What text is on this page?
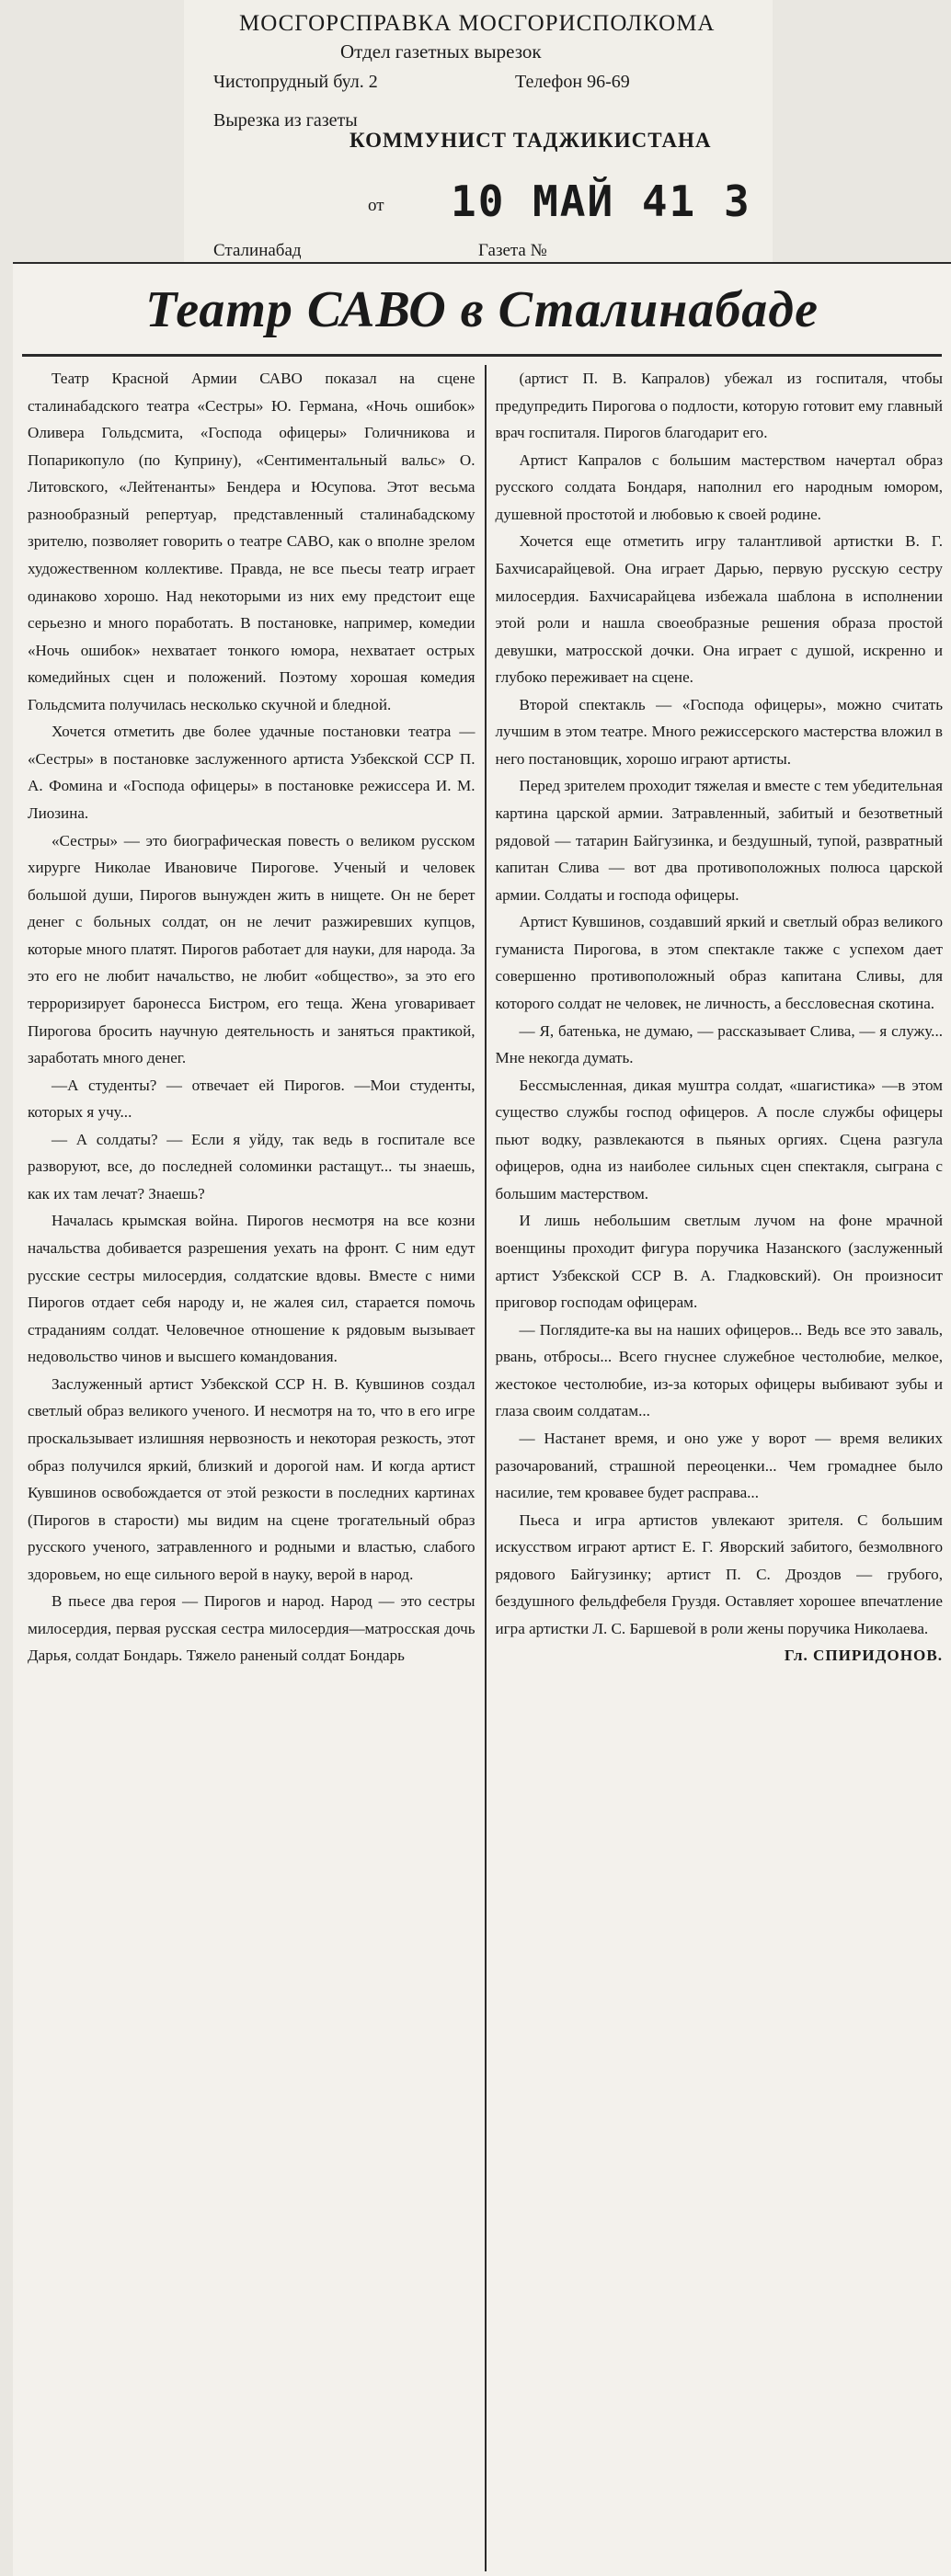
МОСГОРСПРАВКА МОСГОРИСПОЛКОМА
Отдел газетных вырезок
Чистопрудный бул. 2	Телефон 96-69
Вырезка из газеты
КОММУНИСТ ТАДЖИКИСТАНА
от 10 МАЙ 41 3
Сталинабад	Газета №
Театр САВО в Сталинабаде

Театр Красной Армии САВО показал на сцене сталинабадского театра «Сестры» Ю. Германа, «Ночь ошибок» Оливера Гольдсмита, «Господа офицеры» Голичникова и Попарикопуло (по Куприну), «Сентиментальный вальс» О. Литовского, «Лейтенанты» Бендера и Юсупова. Этот весьма разнообразный репертуар, представленный сталинабадскому зрителю, позволяет говорить о театре САВО, как о вполне зрелом художественном коллективе. Правда, не все пьесы театр играет одинаково хорошо. Над некоторыми из них ему предстоит еще серьезно и много поработать. В постановке, например, комедии «Ночь ошибок» нехватает тонкого юмора, нехватает острых комедийных сцен и положений. Поэтому хорошая комедия Гольдсмита получилась несколько скучной и бледной.

Хочется отметить две более удачные постановки театра — «Сестры» в постановке заслуженного артиста Узбекской ССР П. А. Фомина и «Господа офицеры» в постановке режиссера И. М. Лиозина.

«Сестры» — это биографическая повесть о великом русском хирурге Николае Ивановиче Пирогове. Ученый и человек большой души, Пирогов вынужден жить в нищете. Он не берет денег с больных солдат, он не лечит разжиревших купцов, которые много платят. Пирогов работает для науки, для народа. За это его не любит начальство, не любит «общество», за это его терроризирует баронесса Бистром, его теща. Жена уговаривает Пирогова бросить научную деятельность и заняться практикой, заработать много денег.

—А студенты? — отвечает ей Пирогов. —Мои студенты, которых я учу...

— А солдаты? — Если я уйду, так ведь в госпитале все разворуют, все, до последней соломинки растащут... ты знаешь, как их там лечат? Знаешь?

Началась крымская война. Пирогов несмотря на все козни начальства добивается разрешения уехать на фронт. С ним едут русские сестры милосердия, солдатские вдовы. Вместе с ними Пирогов отдает себя народу и, не жалея сил, старается помочь страданиям солдат. Человечное отношение к рядовым вызывает недовольство чинов и высшего командования.

Заслуженный артист Узбекской ССР Н. В. Кувшинов создал светлый образ великого ученого. И несмотря на то, что в его игре проскальзывает излишняя нервозность и некоторая резкость, этот образ получился яркий, близкий и дорогой нам. И когда артист Кувшинов освобождается от этой резкости в последних картинах (Пирогов в старости) мы видим на сцене трогательный образ русского ученого, затравленного и родными и властью, слабого здоровьем, но еще сильного верой в науку, верой в народ.

В пьесе два героя — Пирогов и народ. Народ — это сестры милосердия, первая русская сестра милосердия—матросская дочь Дарья, солдат Бондарь. Тяжело раненый солдат Бондарь

(артист П. В. Капралов) убежал из госпиталя, чтобы предупредить Пирогова о подлости, которую готовит ему главный врач госпиталя. Пирогов благодарит его.

Артист Капралов с большим мастерством начертал образ русского солдата Бондаря, наполнил его народным юмором, душевной простотой и любовью к своей родине.

Хочется еще отметить игру талантливой артистки В. Г. Бахчисарайцевой. Она играет Дарью, первую русскую сестру милосердия. Бахчисарайцева избежала шаблона в исполнении этой роли и нашла своеобразные решения образа простой девушки, матросской дочки. Она играет с душой, искренно и глубоко переживает на сцене.

Второй спектакль — «Господа офицеры», можно считать лучшим в этом театре. Много режиссерского мастерства вложил в него постановщик, хорошо играют артисты.

Перед зрителем проходит тяжелая и вместе с тем убедительная картина царской армии. Затравленный, забитый и безответный рядовой — татарин Байгузинка, и бездушный, тупой, развратный капитан Слива — вот два противоположных полюса царской армии. Солдаты и господа офицеры.

Артист Кувшинов, создавший яркий и светлый образ великого гуманиста Пирогова, в этом спектакле также с успехом дает совершенно противоположный образ капитана Сливы, для которого солдат не человек, не личность, а бессловесная скотина.

— Я, батенька, не думаю, — рассказывает Слива, — я служу... Мне некогда думать.

Бессмысленная, дикая муштра солдат, «шагистика» —в этом существо службы господ офицеров. А после службы офицеры пьют водку, развлекаются в пьяных оргиях. Сцена разгула офицеров, одна из наиболее сильных сцен спектакля, сыграна с большим мастерством.

И лишь небольшим светлым лучом на фоне мрачной военщины проходит фигура поручика Назанского (заслуженный артист Узбекской ССР В. А. Гладковский). Он произносит приговор господам офицерам.

— Поглядите-ка вы на наших офицеров... Ведь все это заваль, рвань, отбросы... Всего гнуснее служебное честолюбие, мелкое, жестокое честолюбие, из-за которых офицеры выбивают зубы и глаза своим солдатам...

— Настанет время, и оно уже у ворот — время великих разочарований, страшной переоценки... Чем громаднее было насилие, тем кровавее будет расправа...

Пьеса и игра артистов увлекают зрителя. С большим искусством играют артист Е. Г. Яворский забитого, безмолвного рядового Байгузинку; артист П. С. Дроздов — грубого, бездушного фельдфебеля Груздя. Оставляет хорошее впечатление игра артистки Л. С. Баршевой в роли жены поручика Николаева.

Гл. СПИРИДОНОВ.
